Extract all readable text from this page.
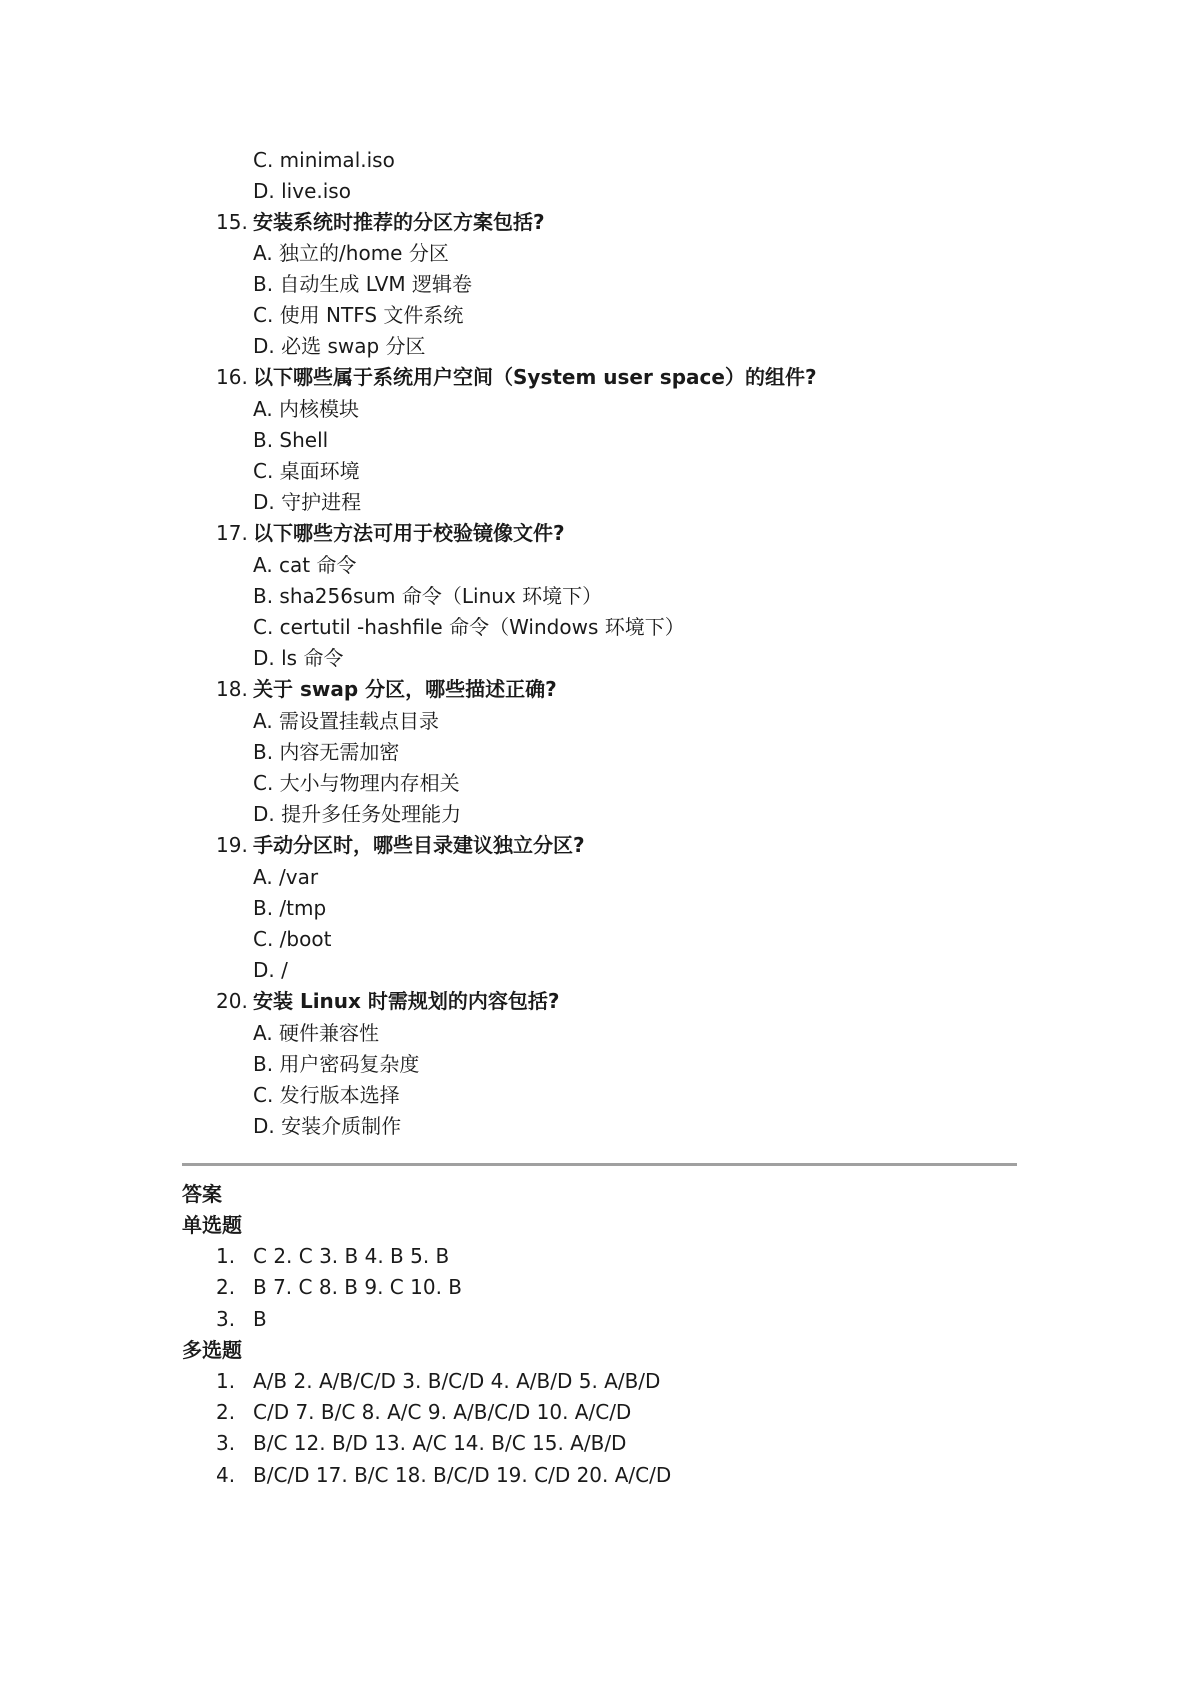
C. minimal.iso
D. live.iso
15. 安装系统时推荐的分区方案包括?
A. 独立的/home 分区
B. 自动生成 LVM 逻辑卷
C. 使用 NTFS 文件系统
D. 必选 swap 分区
16. 以下哪些属于系统用户空间（System user space）的组件?
A. 内核模块
B. Shell
C. 桌面环境
D. 守护进程
17. 以下哪些方法可用于校验镜像文件?
A. cat 命令
B. sha256sum 命令（Linux 环境下）
C. certutil -hashfile 命令（Windows 环境下）
D. ls 命令
18. 关于 swap 分区，哪些描述正确?
A. 需设置挂载点目录
B. 内容无需加密
C. 大小与物理内存相关
D. 提升多任务处理能力
19. 手动分区时，哪些目录建议独立分区?
A. /var
B. /tmp
C. /boot
D. /
20. 安装 Linux 时需规划的内容包括?
A. 硬件兼容性
B. 用户密码复杂度
C. 发行版本选择
D. 安装介质制作
答案
单选题
1. C 2. C 3. B 4. B 5. B
2. B 7. C 8. B 9. C 10. B
3. B
多选题
1. A/B 2. A/B/C/D 3. B/C/D 4. A/B/D 5. A/B/D
2. C/D 7. B/C 8. A/C 9. A/B/C/D 10. A/C/D
3. B/C 12. B/D 13. A/C 14. B/C 15. A/B/D
4. B/C/D 17. B/C 18. B/C/D 19. C/D 20. A/C/D
